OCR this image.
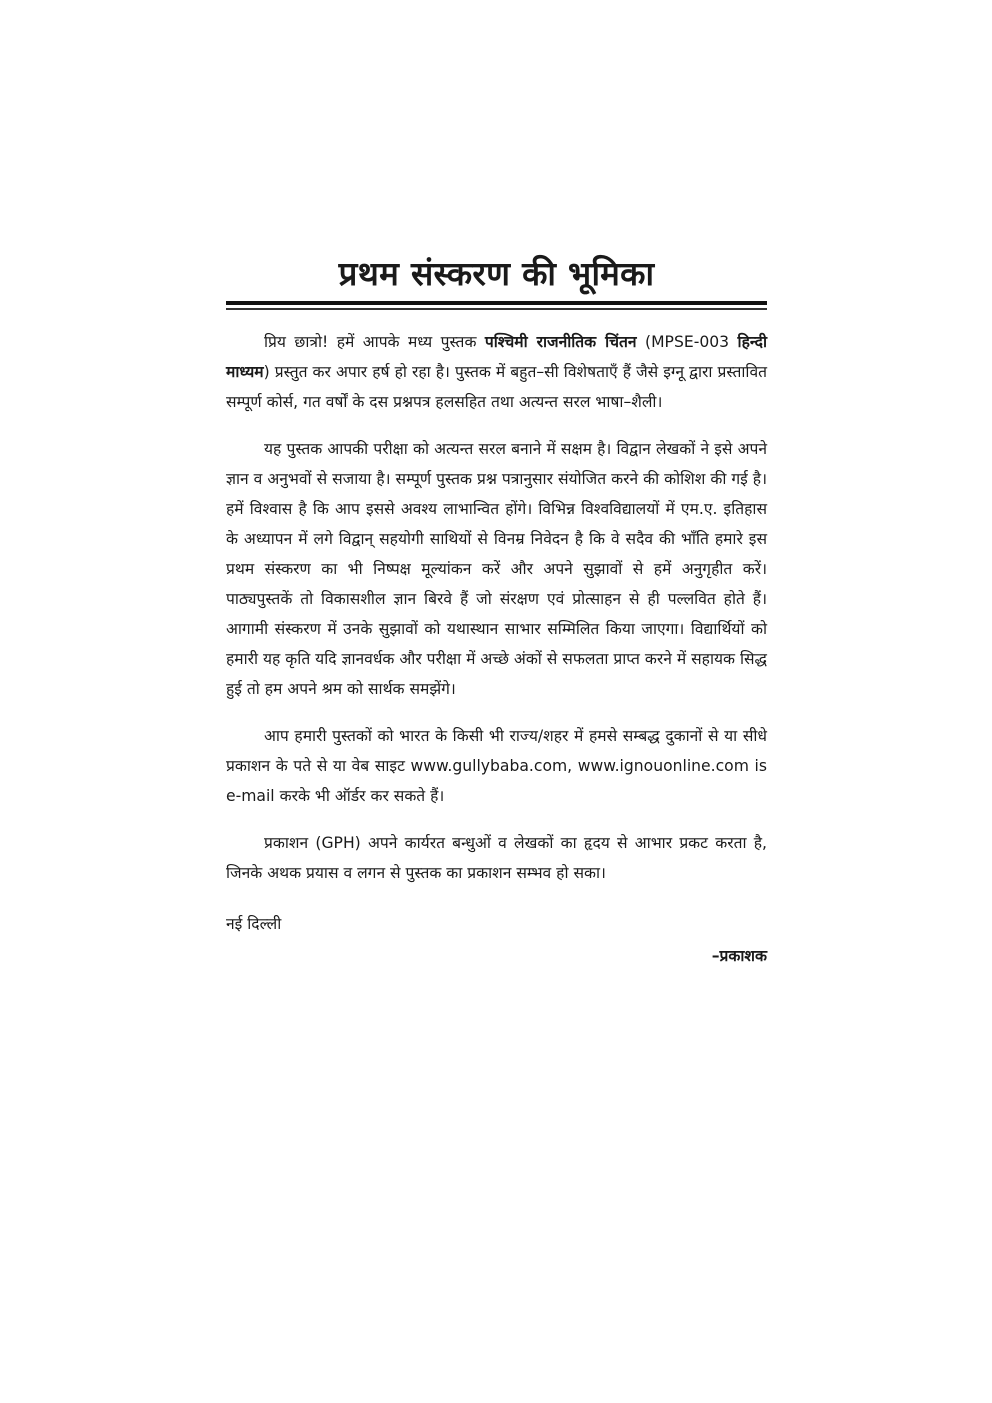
प्रथम संस्करण की भूमिका

प्रिय छात्रो! हमें आपके मध्य पुस्तक पश्चिमी राजनीतिक चिंतन (MPSE-003 हिन्दी माध्यम) प्रस्तुत कर अपार हर्ष हो रहा है। पुस्तक में बहुत–सी विशेषताएँ हैं जैसे इग्नू द्वारा प्रस्तावित सम्पूर्ण कोर्स, गत वर्षों के दस प्रश्नपत्र हलसहित तथा अत्यन्त सरल भाषा–शैली।

यह पुस्तक आपकी परीक्षा को अत्यन्त सरल बनाने में सक्षम है। विद्वान लेखकों ने इसे अपने ज्ञान व अनुभवों से सजाया है। सम्पूर्ण पुस्तक प्रश्न पत्रानुसार संयोजित करने की कोशिश की गई है। हमें विश्वास है कि आप इससे अवश्य लाभान्वित होंगे। विभिन्न विश्वविद्यालयों में एम.ए. इतिहास के अध्यापन में लगे विद्वान् सहयोगी साथियों से विनम्र निवेदन है कि वे सदैव की भाँति हमारे इस प्रथम संस्करण का भी निष्पक्ष मूल्यांकन करें और अपने सुझावों से हमें अनुगृहीत करें। पाठ्यपुस्तकें तो विकासशील ज्ञान बिरवे हैं जो संरक्षण एवं प्रोत्साहन से ही पल्लवित होते हैं। आगामी संस्करण में उनके सुझावों को यथास्थान साभार सम्मिलित किया जाएगा। विद्यार्थियों को हमारी यह कृति यदि ज्ञानवर्धक और परीक्षा में अच्छे अंकों से सफलता प्राप्त करने में सहायक सिद्ध हुई तो हम अपने श्रम को सार्थक समझेंगे।

आप हमारी पुस्तकों को भारत के किसी भी राज्य/शहर में हमसे सम्बद्ध दुकानों से या सीधे प्रकाशन के पते से या वेब साइट www.gullybaba.com, www.ignouonline.com is e-mail करके भी ऑर्डर कर सकते हैं।

प्रकाशन (GPH) अपने कार्यरत बन्धुओं व लेखकों का हृदय से आभार प्रकट करता है, जिनके अथक प्रयास व लगन से पुस्तक का प्रकाशन सम्भव हो सका।

नई दिल्ली
–प्रकाशक
